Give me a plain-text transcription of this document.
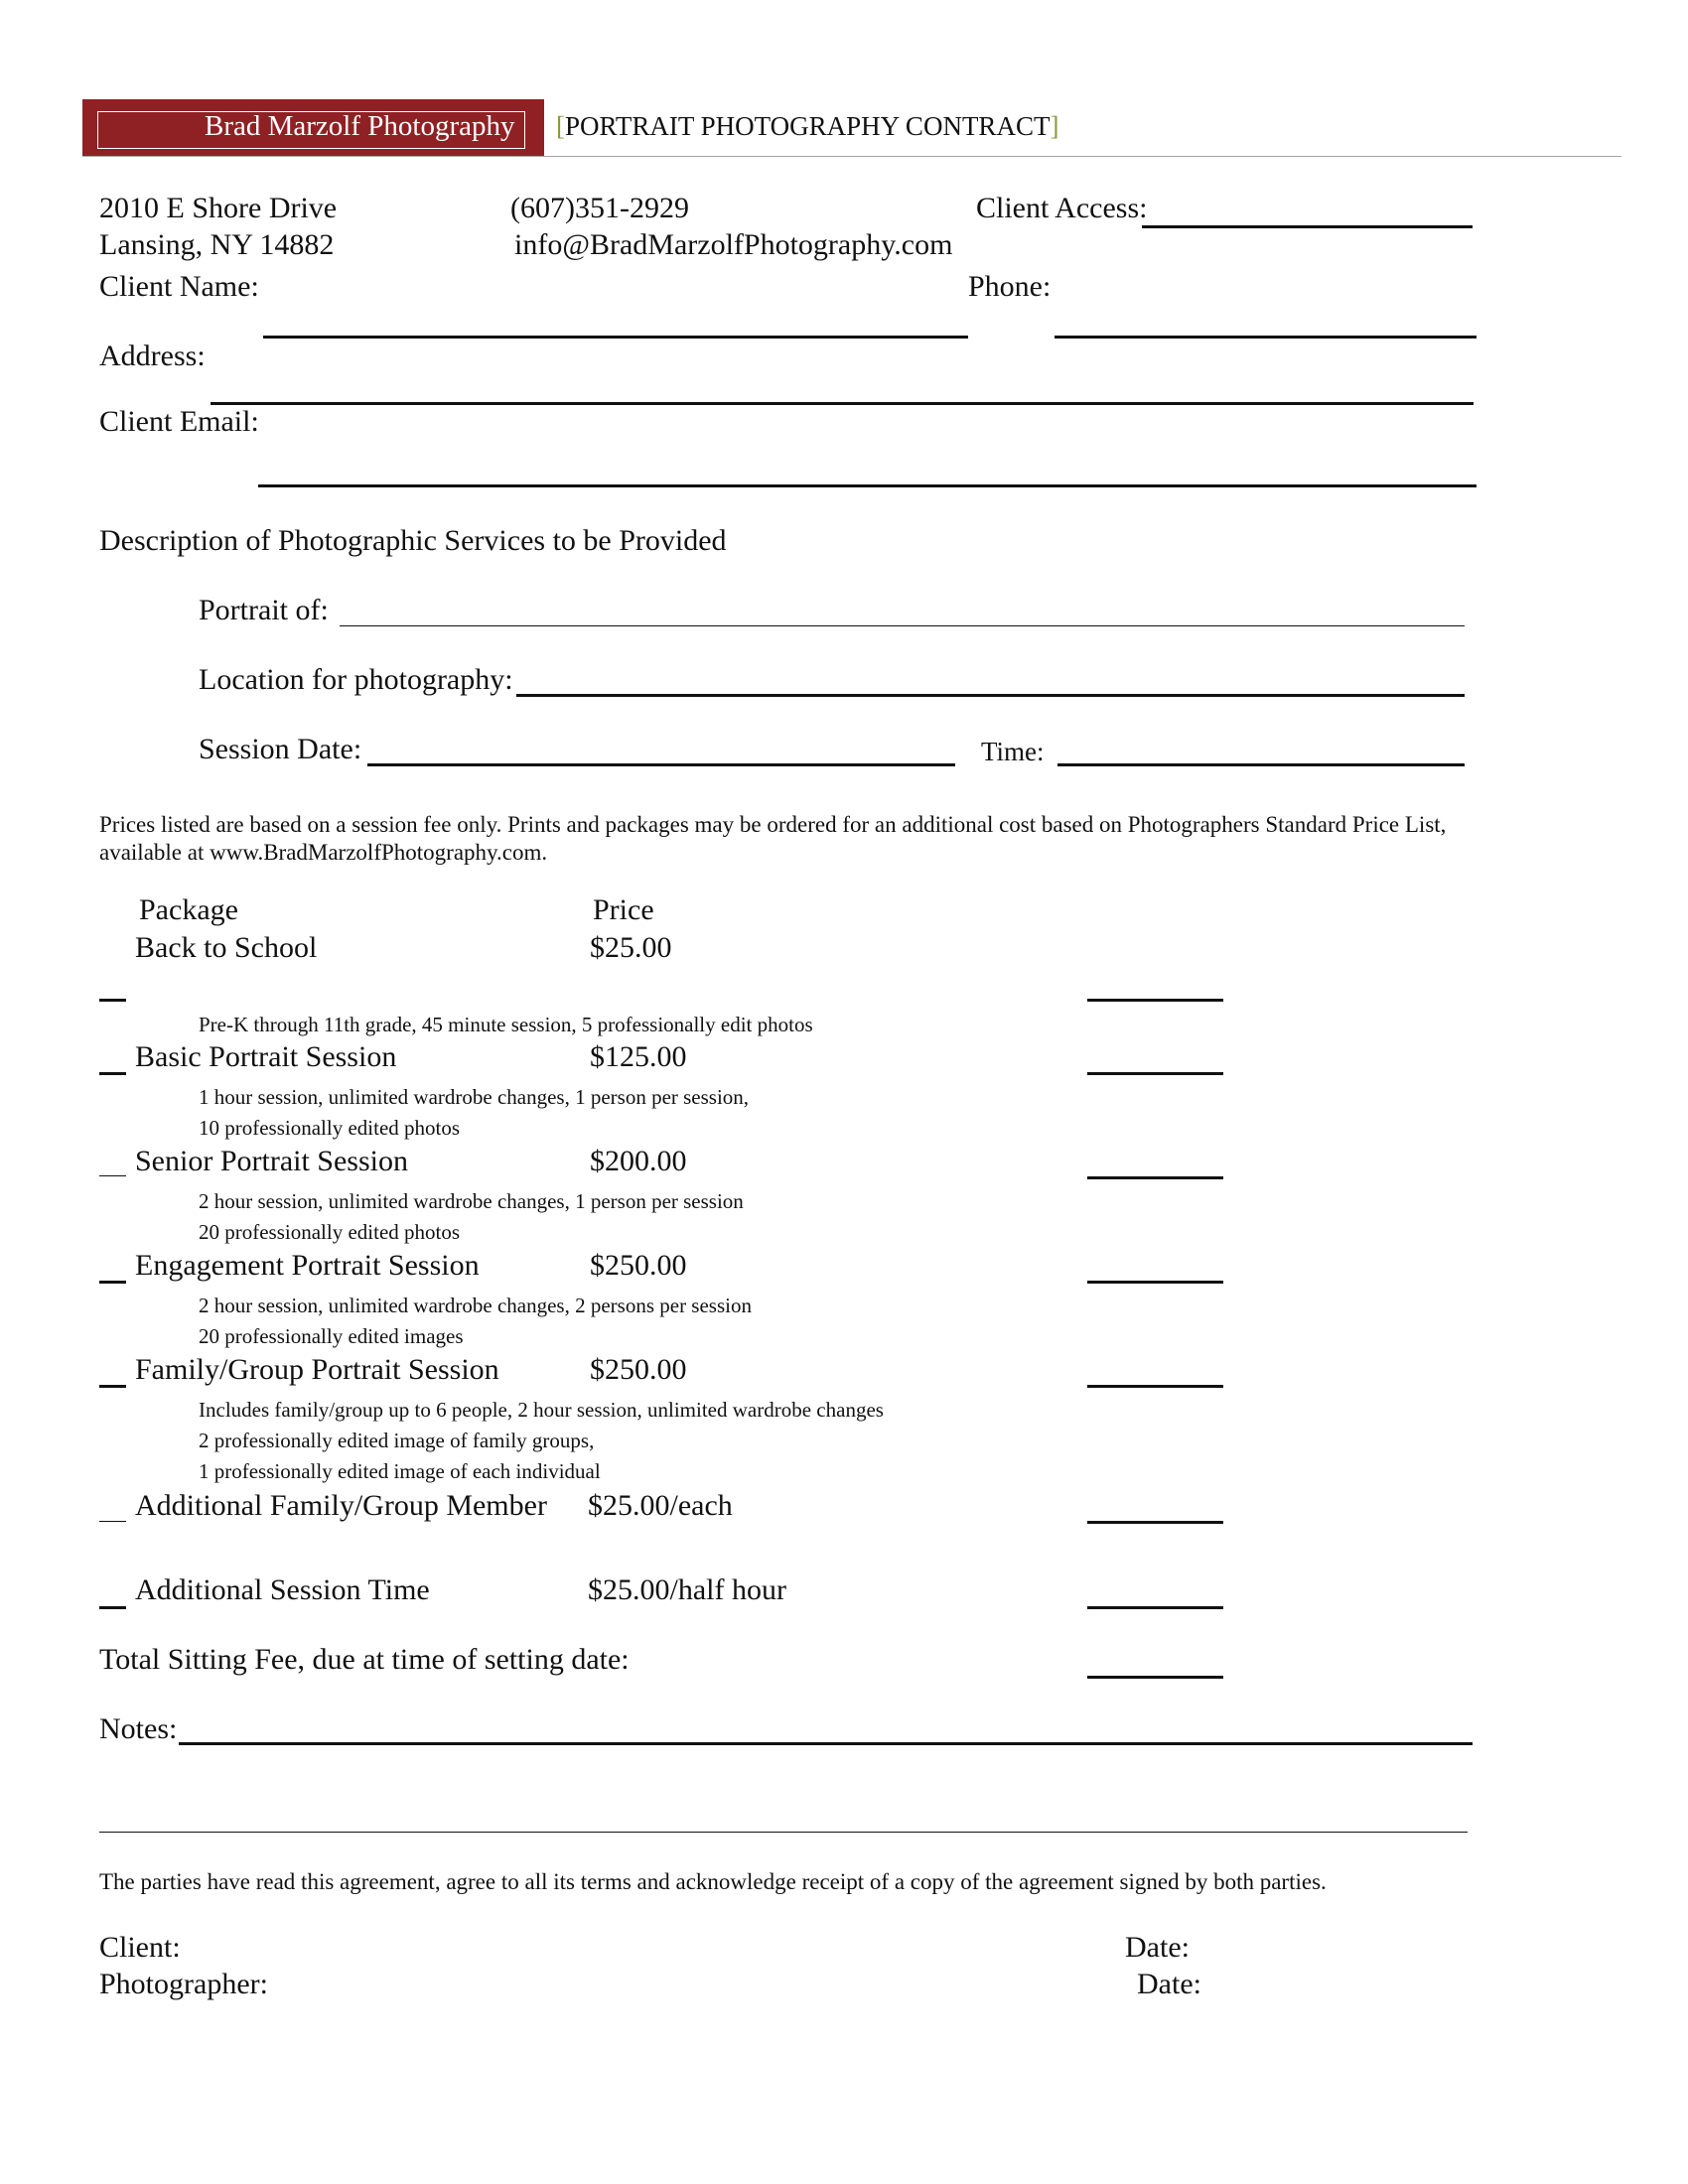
Brad Marzolf Photography [PORTRAIT PHOTOGRAPHY CONTRACT]
2010 E Shore Drive
Lansing, NY 14882
(607)351-2929
info@BradMarzolfPhotography.com
Client Access:
Client Name:	Phone:
Address:
Client Email:
Description of Photographic Services to be Provided
Portrait of:
Location for photography:
Session Date:	Time:
Prices listed are based on a session fee only. Prints and packages may be ordered for an additional cost based on Photographers Standard Price List,
available at www.BradMarzolfPhotography.com.
Package	Price
Back to School	$25.00
Pre-K through 11th grade, 45 minute session, 5 professionally edit photos
Basic Portrait Session	$125.00
1 hour session, unlimited wardrobe changes, 1 person per session,
10 professionally edited photos
Senior Portrait Session	$200.00
2 hour session, unlimited wardrobe changes, 1 person per session
20 professionally edited photos
Engagement Portrait Session	$250.00
2 hour session, unlimited wardrobe changes, 2 persons per session
20 professionally edited images
Family/Group Portrait Session	$250.00
Includes family/group up to 6 people, 2 hour session, unlimited wardrobe changes
2 professionally edited image of family groups,
1 professionally edited image of each individual
Additional Family/Group Member $25.00/each
Additional Session Time	$25.00/half hour
Total Sitting Fee, due at time of setting date:
Notes:
The parties have read this agreement, agree to all its terms and acknowledge receipt of a copy of the agreement signed by both parties.
Client:	Date:
Photographer:	Date:
